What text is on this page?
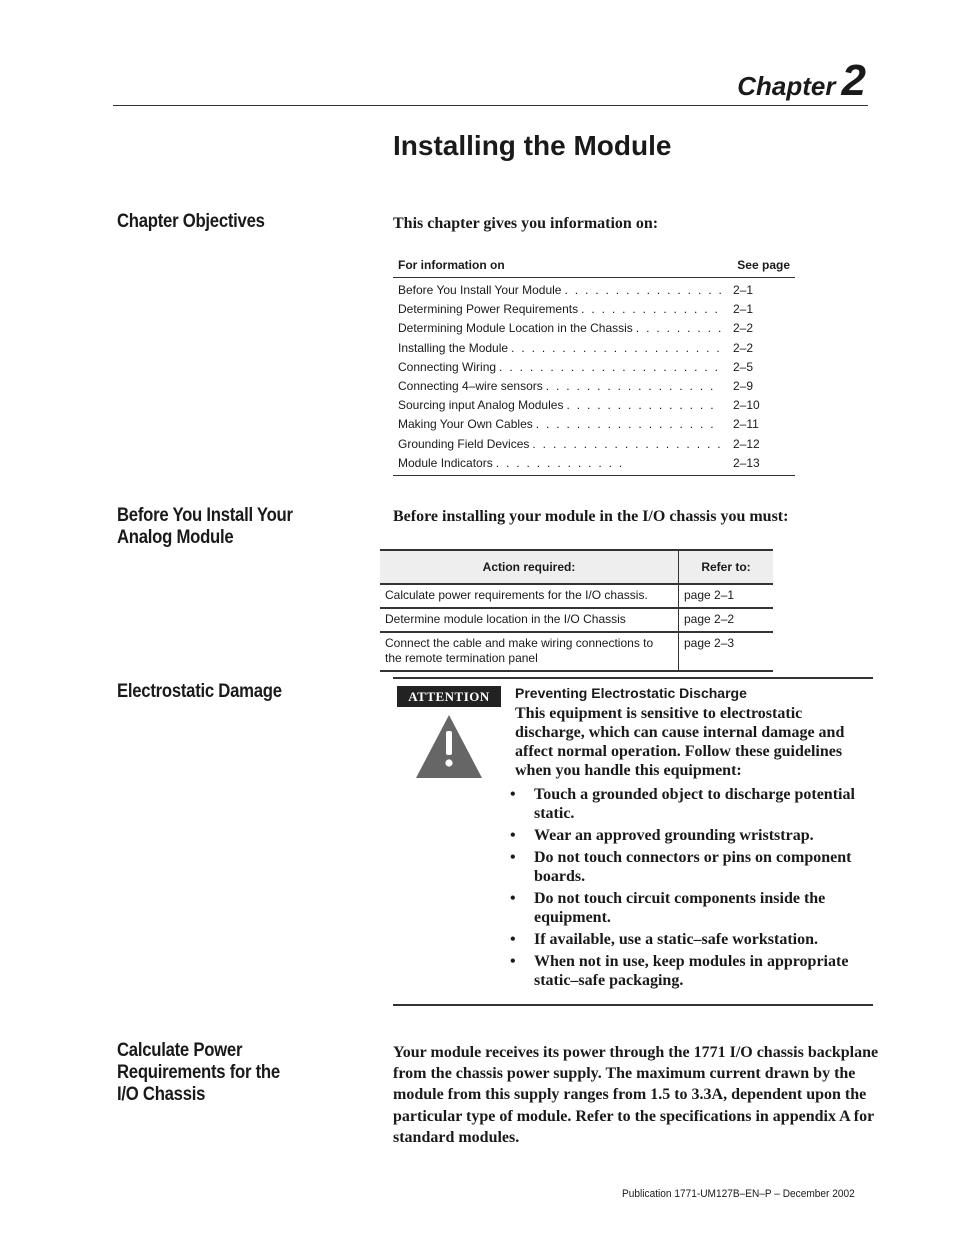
Chapter 2
Installing the Module
Chapter Objectives	This chapter gives you information on:
For information on	See page
Before You Install Your Module . . .	2–1
Determining Power Requirements . . .	2–1
Determining Module Location in the Chassis . . .	2–2
Installing the Module . . .	2–2
Connecting Wiring . . .	2–5
Connecting 4–wire sensors . . .	2–9
Sourcing input Analog Modules . . .	2–10
Making Your Own Cables . . .	2–11
Grounding Field Devices . . .	2–12
Module Indicators . . .	2–13
Before You Install Your
Analog Module
Before installing your module in the I/O chassis you must:
Action required:	Refer to:
Calculate power requirements for the I/O chassis.	page 2–1
Determine module location in the I/O Chassis	page 2–2
Connect the cable and make wiring connections to the remote termination panel	page 2–3
Electrostatic Damage	ATTENTION	Preventing Electrostatic Discharge
This equipment is sensitive to electrostatic discharge, which can cause internal damage and affect normal operation. Follow these guidelines when you handle this equipment:
• Touch a grounded object to discharge potential static.
• Wear an approved grounding wriststrap.
• Do not touch connectors or pins on component boards.
• Do not touch circuit components inside the equipment.
• If available, use a static–safe workstation.
• When not in use, keep modules in appropriate static–safe packaging.
Calculate Power
Requirements for the
I/O Chassis
Your module receives its power through the 1771 I/O chassis backplane from the chassis power supply. The maximum current drawn by the module from this supply ranges from 1.5 to 3.3A, dependent upon the particular type of module. Refer to the specifications in appendix A for standard modules.
Publication 1771-UM127B–EN–P – December 2002
